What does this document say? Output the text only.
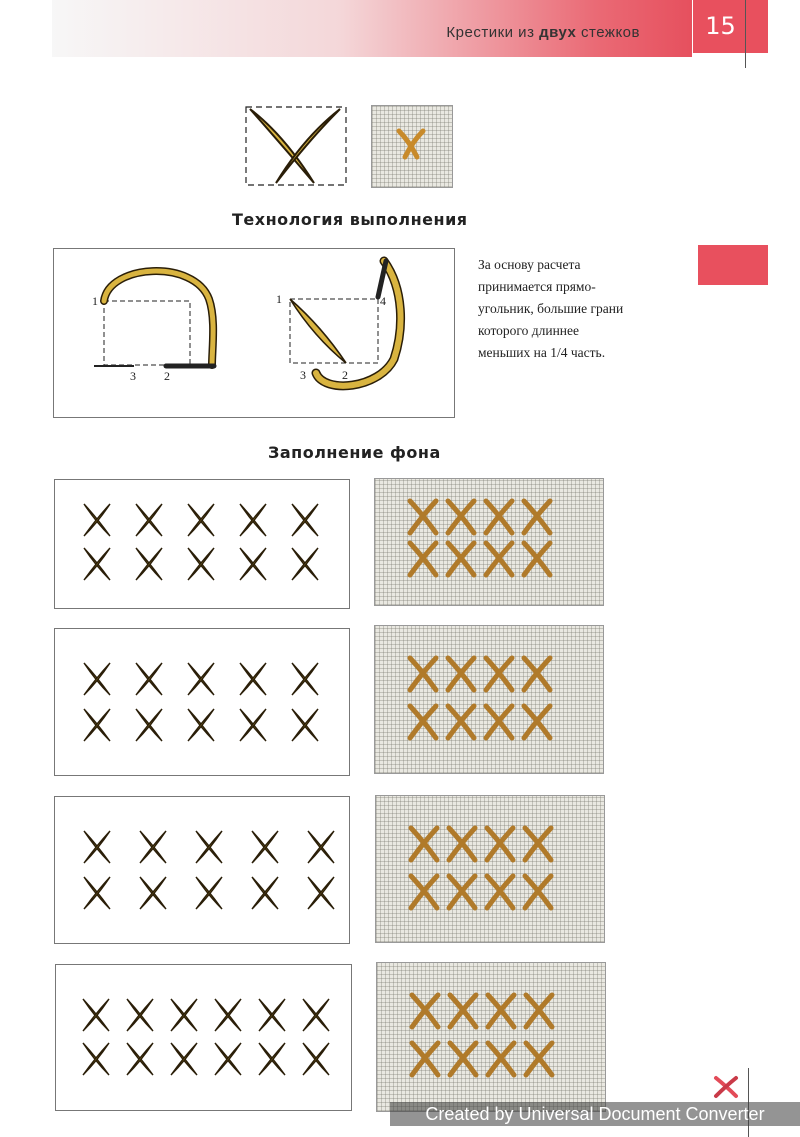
Крестики из двух стежков	15
Технология выполнения
1
3 2
1	4
3	2
За основу расчета
принимается прямо-
угольник, большие грани
которого длиннее
меньших на 1/4 часть.
Заполнение фона
Created by Universal Document Converter
